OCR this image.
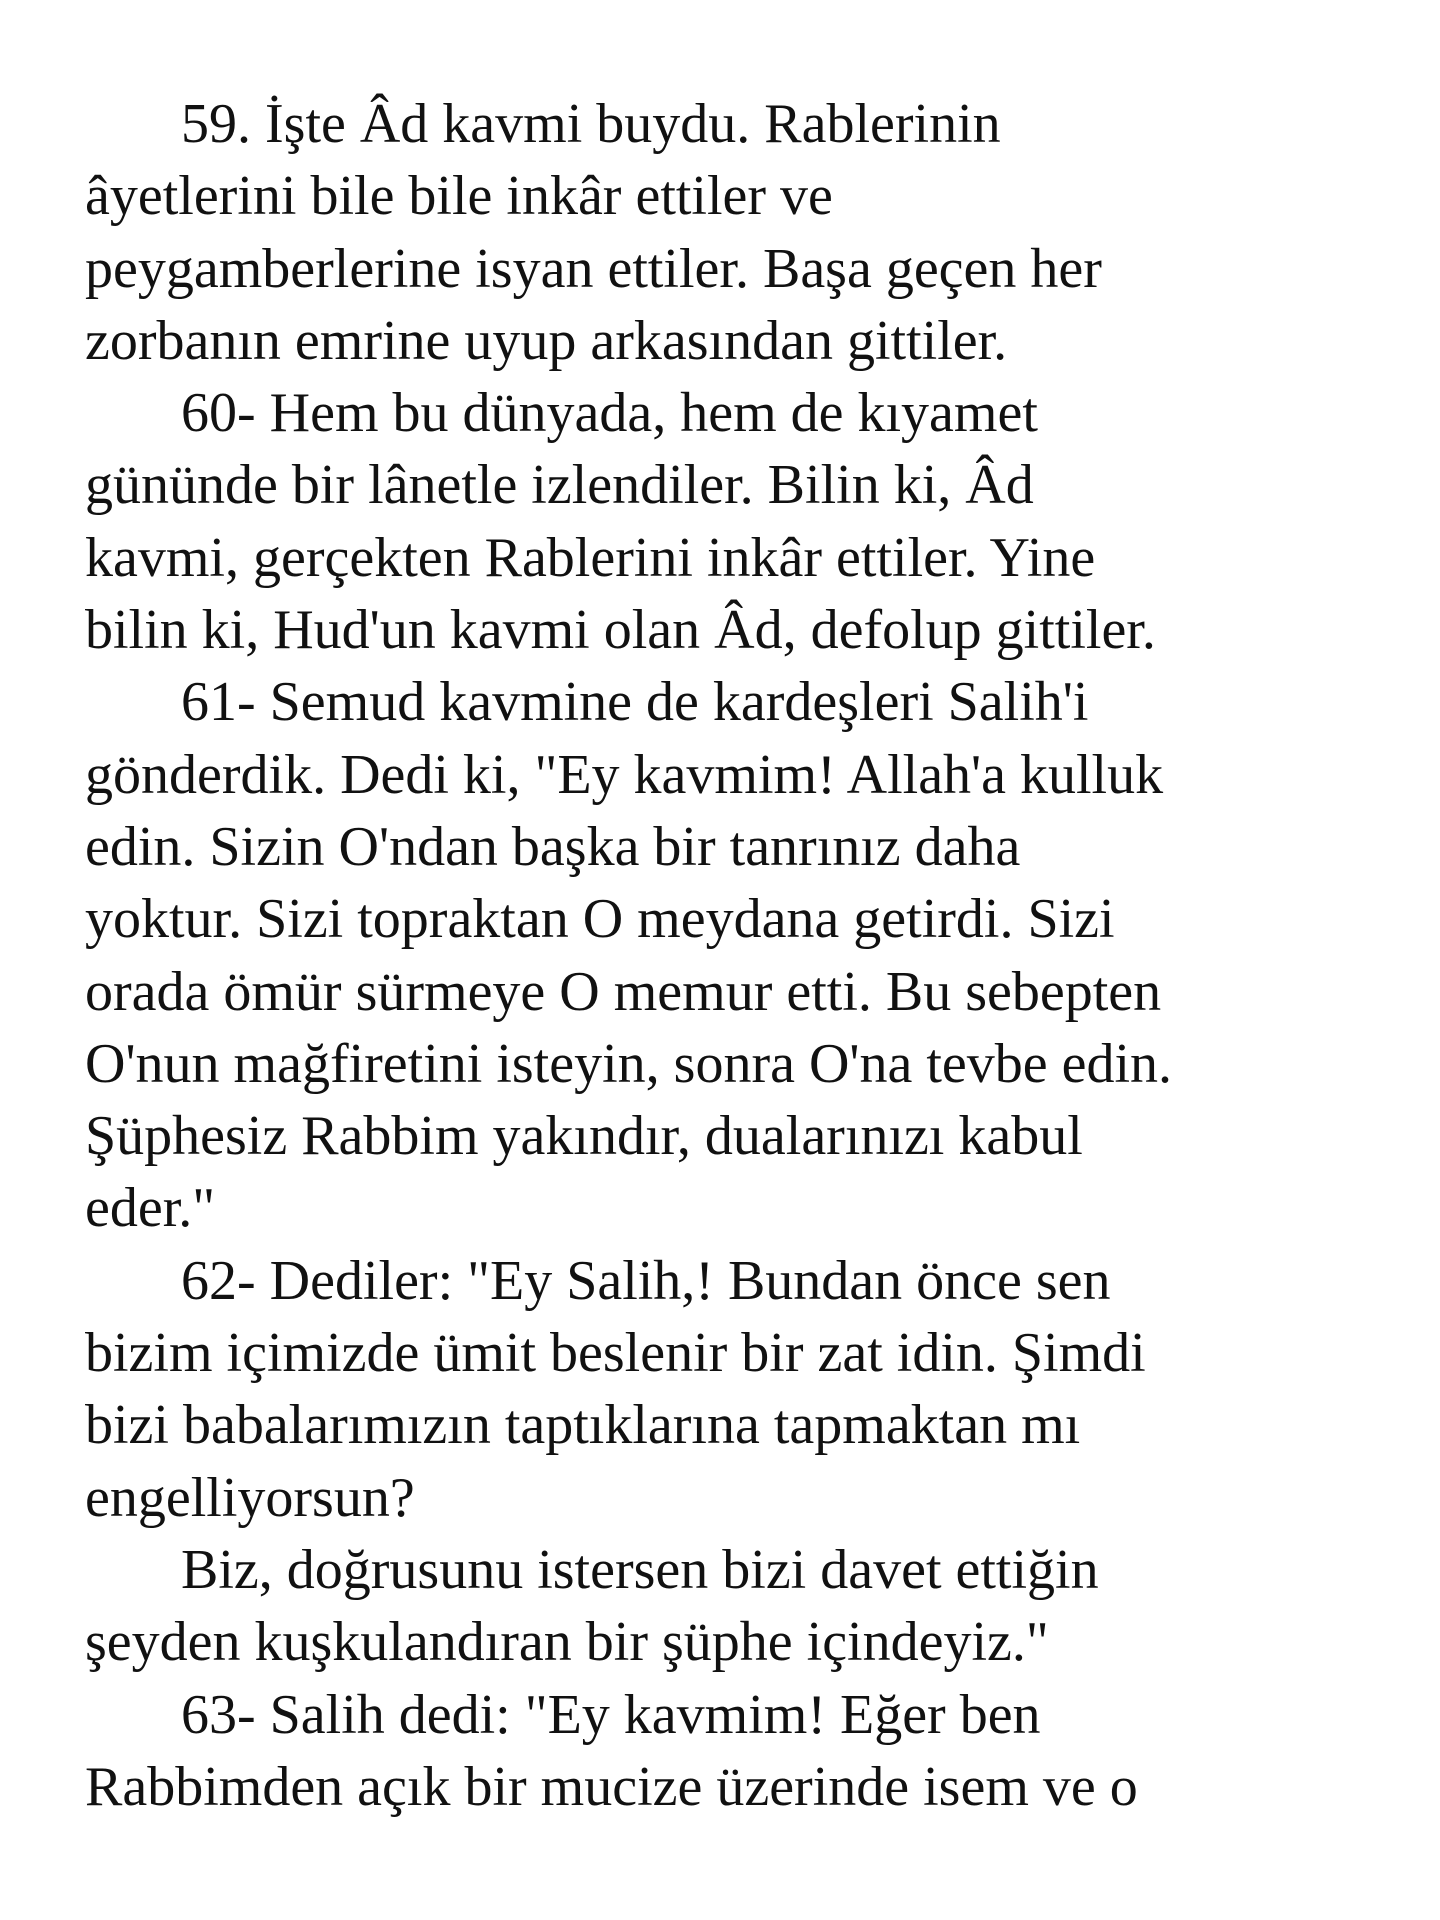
59. İşte Âd kavmi buydu. Rablerinin
âyetlerini bile bile inkâr ettiler ve
peygamberlerine isyan ettiler. Başa geçen her
zorbanın emrine uyup arkasından gittiler.

60- Hem bu dünyada, hem de kıyamet
gününde bir lânetle izlendiler. Bilin ki, Âd
kavmi, gerçekten Rablerini inkâr ettiler. Yine
bilin ki, Hud'un kavmi olan Âd, defolup gittiler.

61- Semud kavmine de kardeşleri Salih'i
gönderdik. Dedi ki, "Ey kavmim! Allah'a kulluk
edin. Sizin O'ndan başka bir tanrınız daha
yoktur. Sizi topraktan O meydana getirdi. Sizi
orada ömür sürmeye O memur etti. Bu sebepten
O'nun mağfiretini isteyin, sonra O'na tevbe edin.
Şüphesiz Rabbim yakındır, dualarınızı kabul
eder."

62- Dediler: "Ey Salih,! Bundan önce sen
bizim içimizde ümit beslenir bir zat idin. Şimdi
bizi babalarımızın taptıklarına tapmaktan mı
engelliyorsun?

Biz, doğrusunu istersen bizi davet ettiğin
şeyden kuşkulandıran bir şüphe içindeyiz."

63- Salih dedi: "Ey kavmim! Eğer ben
Rabbimden açık bir mucize üzerinde isem ve o
